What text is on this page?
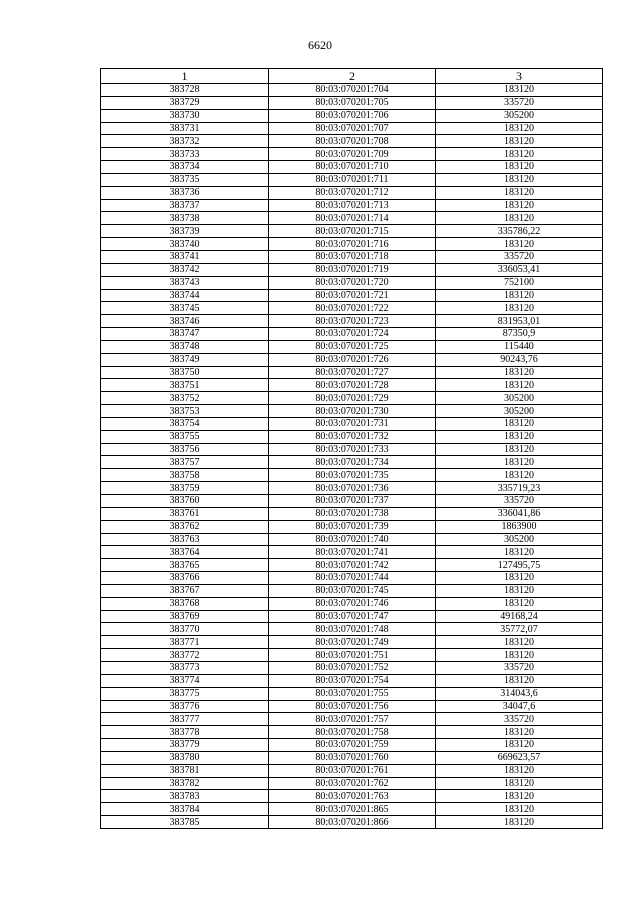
6620
1	2	3
383728	80:03:070201:704	183120
383729	80:03:070201:705	335720
383730	80:03:070201:706	305200
383731	80:03:070201:707	183120
383732	80:03:070201:708	183120
383733	80:03:070201:709	183120
383734	80:03:070201:710	183120
383735	80:03:070201:711	183120
383736	80:03:070201:712	183120
383737	80:03:070201:713	183120
383738	80:03:070201:714	183120
383739	80:03:070201:715	335786,22
383740	80:03:070201:716	183120
383741	80:03:070201:718	335720
383742	80:03:070201:719	336053,41
383743	80:03:070201:720	752100
383744	80:03:070201:721	183120
383745	80:03:070201:722	183120
383746	80:03:070201:723	831953,01
383747	80:03:070201:724	87350,9
383748	80:03:070201:725	115440
383749	80:03:070201:726	90243,76
383750	80:03:070201:727	183120
383751	80:03:070201:728	183120
383752	80:03:070201:729	305200
383753	80:03:070201:730	305200
383754	80:03:070201:731	183120
383755	80:03:070201:732	183120
383756	80:03:070201:733	183120
383757	80:03:070201:734	183120
383758	80:03:070201:735	183120
383759	80:03:070201:736	335719,23
383760	80:03:070201:737	335720
383761	80:03:070201:738	336041,86
383762	80:03:070201:739	1863900
383763	80:03:070201:740	305200
383764	80:03:070201:741	183120
383765	80:03:070201:742	127495,75
383766	80:03:070201:744	183120
383767	80:03:070201:745	183120
383768	80:03:070201:746	183120
383769	80:03:070201:747	49168,24
383770	80:03:070201:748	35772,07
383771	80:03:070201:749	183120
383772	80:03:070201:751	183120
383773	80:03:070201:752	335720
383774	80:03:070201:754	183120
383775	80:03:070201:755	314043,6
383776	80:03:070201:756	34047,6
383777	80:03:070201:757	335720
383778	80:03:070201:758	183120
383779	80:03:070201:759	183120
383780	80:03:070201:760	669623,57
383781	80:03:070201:761	183120
383782	80:03:070201:762	183120
383783	80:03:070201:763	183120
383784	80:03:070201:865	183120
383785	80:03:070201:866	183120
